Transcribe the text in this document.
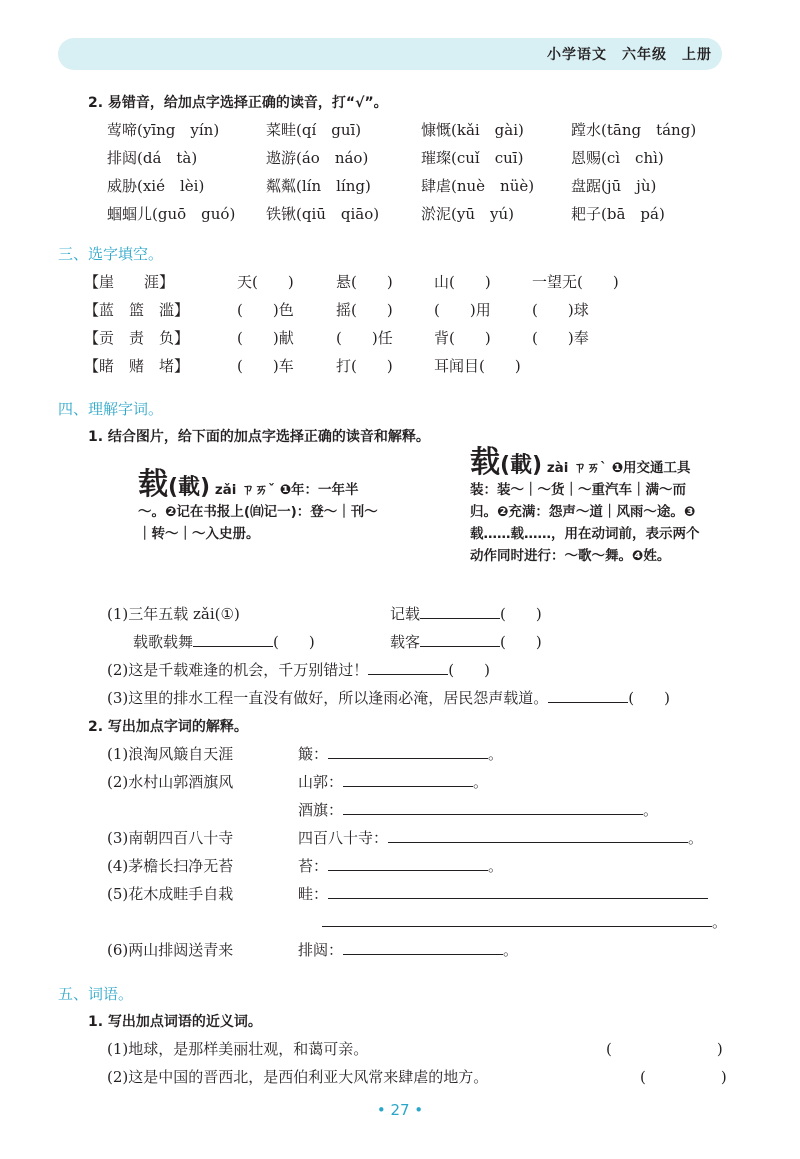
小学语文　六年级　上册
2. 易错音，给加点字选择正确的读音，打“√”。
莺啼(yīng　yín)	菜畦(qí　guī)	慷慨(kǎi　gài)	蹚水(tāng　táng)
排闼(dá　tà)	遨游(áo　náo)	璀璨(cuǐ　cuī)	恩赐(cì　chì)
威胁(xié　lèi)	粼粼(lín　líng)	肆虐(nuè　nüè) 盘踞(jū　jù)
蝈蝈儿(guō　guó) 铁锹(qiū　qiāo)	淤泥(yū　yú)	耙子(bā　pá)
三、选字填空。
【崖　　涯】	天(　　)	悬(　　)	山(　　)	一望无(　　)
【蓝　篮　滥】	(　　)色	摇(　　)	(　　)用	(　　)球
【贡　责　负】	(　　)献	(　　)任	背(　　)	(　　)奉
【睹　赌　堵】	(　　)车	打(　　)	耳闻目(　　)
四、理解字词。
1. 结合图片，给下面的加点字选择正确的读音和解释。
载(載) zǎi ㄗㄞˇ ❶年：一年半～。❷记在书报上(㉂记一)：登～｜刊～｜转～｜～入史册。
载(載) zài ㄗㄞˋ ❶用交通工具装：装～｜～货｜～重汽车｜满～而归。❷充满：怨声～道｜风雨～途。❸载……载……，用在动词前，表示两个动作同时进行：～歌～舞。❹姓。
(1)三年五载 zǎi(①)	记载	(　　)
载歌载舞	(　　)	载客	(　　)
(2)这是千载难逢的机会，千万别错过！	(　　)
(3)这里的排水工程一直没有做好，所以逢雨必淹，居民怨声载道。	(　　)
2. 写出加点字词的解释。
(1)浪淘风簸自天涯	簸：	。
(2)水村山郭酒旗风	山郭：	。
酒旗：	。
(3)南朝四百八十寺	四百八十寺：	。
(4)茅檐长扫净无苔	苔：	。
(5)花木成畦手自栽	畦：
。
(6)两山排闼送青来	排闼：	。
五、词语。
1. 写出加点词语的近义词。
(1)地球，是那样美丽壮观，和蔼可亲。	(　　　　　　　)
(2)这是中国的晋西北，是西伯利亚大风常来肆虐的地方。	(　　　　　)
• 27 •
